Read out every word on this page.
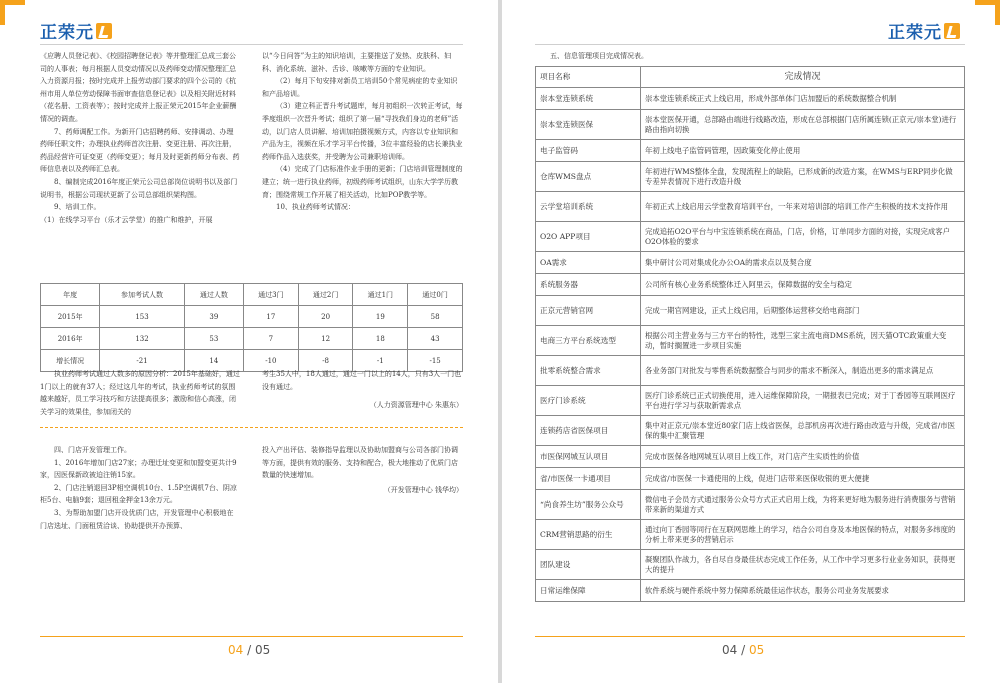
正荣元

《应聘人员登记表》、《校园招聘登记表》等并整理汇总成三套公司的人事表；每月根据人员变动情况以及药师变动情况整理汇总入力资源月报；按时完成并上报劳动部门要求的四个公司的《杭州市用人单位劳动保障书面审查信息登记表》以及相关附近材料（花名册、工资表等）；按时完成并上报正荣元2015年企业薪酬情况的调查。

7、药师调配工作。为新开门店招聘药师、安排调动、办理药师任职文件；办理执业药师首次注册、变更注册、再次注册，药品经营许可证变更（药师变更）；每月及时更新药师分布表、药师信息表以及药师汇总表。

8、编制完成2016年度正荣元公司总部岗位说明书以及部门说明书，根据公司现状更新了公司总部组织架构图。

9、培训工作。

（1）在线学习平台（乐才云学堂）的推广和维护，开展

以“今日问答”为主的知识培训，主要推送了发热、皮肤科、妇科、消化系统、滋补、舌诊、咳嗽等方面的专业知识。

（2）每月下旬安排对新员工培训50个常见病症的专业知识和产品培训。

（3）建立科正晋升考试题库，每月初组织一次转正考试，每季度组织一次晋升考试；组织了第一届“寻找我们身边的老师”活动，以门店人员讲解、培训加拍摄视频方式，内容以专业知识和产品为主，视频在乐才学习平台传播，3位丰富经验的店长兼执业药师作品入选获奖，并受聘为公司兼职培训师。

（4）完成了门店标准作业手册的更新；门店培训管理制度的建立；统一进行执业药师，初级药师考试组织，山东大学学历教育；围绕常规工作开展了相关活动，比如POP教学等。

10、执业药师考试情况：

年度	参加考试人数	通过人数	通过3门	通过2门	通过1门	通过0门
2015年	153	39	17	20	19	58
2016年	132	53	7	12	18	43
增长情况	-21	14	-10	-8	-1	-15

执业药师考试通过人数多的原因分析：2015年基础好，通过1门以上的就有37人；经过这几年的考试，执业药师考试的氛围越来越好，员工学习技巧和方法提高很多；激励和信心高涨，闭关学习的效果佳，参加闭关的

考生35人中，18人通过，通过一门以上的14人，只有3人一门也没有通过。

（人力资源管理中心 朱惠东）

四、门店开发管理工作。

1、2016年增加门店27家；办理迁址变更和加盟变更共计9家，因医保新政被迫注销15家。

2、门店注销退回3P相空调机10台、1.5P空调机7台、阴凉柜5台、电脑9套；退回租金押金13余万元。

3、为帮助加盟门店开设优质门店，开发管理中心积极地在门店选址、门面租赁洽谈、协助提供开办预算、

投入产出评估、装修指导监理以及协助加盟商与公司各部门协调等方面，提供有效的服务、支持和配合，极大地推动了优质门店数量的快速增加。

（开发管理中心 钱华均）

04 / 05
正荣元

五、信息管理项目完成情况表。

项目名称	完成情况
崇本堂连锁系统	崇本堂连锁系统正式上线启用，形成外部单体门店加盟后的系统数据整合机制
崇本堂连锁医保	崇本堂医保开通，总部路由端进行线路改造，形成在总部根据门店所属连锁(正京元/崇本堂)进行路由指向切换
电子监管码	年初上线电子监管码管理，因政策变化停止使用
仓库WMS盘点	年初进行WMS整体全盘，发现流程上的缺陷，已形成新的改造方案，在WMS与ERP同步化做专差异表情况下进行改造升级
云学堂培训系统	年初正式上线启用云学堂教育培训平台，一年来对培训部的培训工作产生积极的技术支持作用
O2O APP项目	完成追拓O2O平台与中宝连锁系统在商品，门店，价格，订单同步方面的对接，实现完成客户O2O体验的要求
OA需求	集中研讨公司对集成化办公OA的需求点以及契合度
系统服务器	公司所有核心业务系统整体迁入阿里云，保障数据的安全与稳定
正京元营销官网	完成一期官网建设，正式上线启用，后期整体运营移交给电商部门
电商三方平台系统选型	根据公司主营业务与三方平台的特性，选型三家主流电商DMS系统，因天猫OTC政策重大变动，暂时搁置进一步项目实施
批零系统整合需求	各业务部门对批发与零售系统数据整合与同步的需求不断深入，制造出更多的需求满足点
医疗门诊系统	医疗门诊系统已正式切换使用，进入运维保障阶段，一期报表已完成；对于丁香园等互联网医疗平台进行学习与获取新需求点
连锁药店省医保项目	集中对正京元/崇本堂近80家门店上线省医保，总部机房再次进行路由改造与升级，完成省/市医保的集中汇聚管理
市医保网城互认项目	完成市医保各地网城互认项目上线工作，对门店产生实质性的价值
省/市医保一卡通项目	完成省/市医保一卡通使用的上线，促进门店带来医保收银的更大便捷
“尚食养生坊”服务公众号	微信电子会员方式通过服务公众号方式正式启用上线，为将来更好地为服务进行消费服务与营销带来新的渠道方式
CRM营销思路的衍生	通过向丁香园等同行在互联网思维上的学习，结合公司自身及本地医保的特点，对服务多纬度的分析上带来更多的营销启示
团队建设	凝聚团队作战力，各自尽自身最佳状态完成工作任务，从工作中学习更多行业业务知识，获得更大的提升
日常运维保障	软件系统与硬件系统中努力保障系统最佳运作状态，服务公司业务发展要求
04 / 05
